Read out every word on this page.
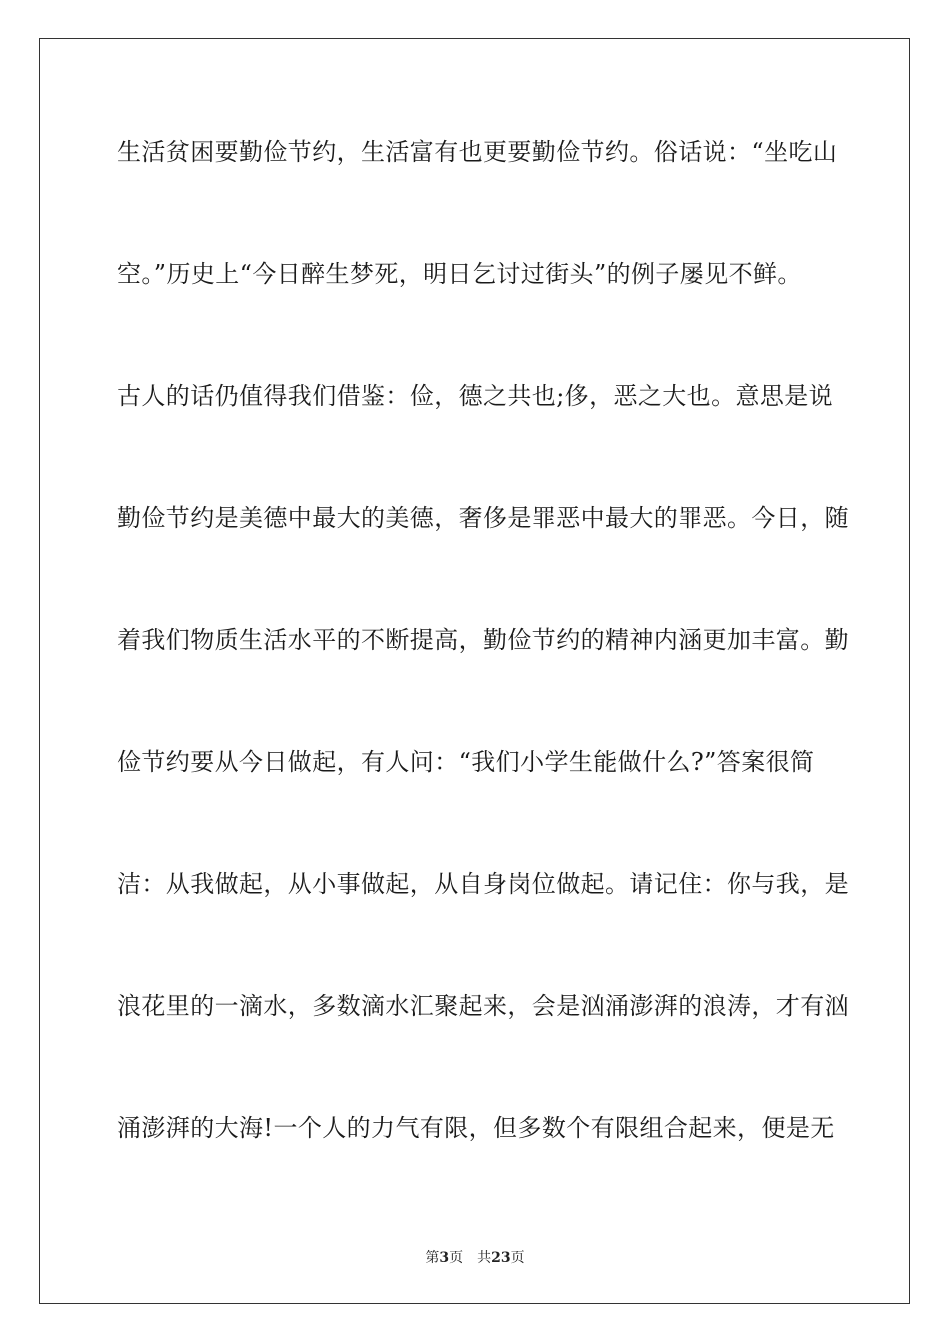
生活贫困要勤俭节约，生活富有也更要勤俭节约。俗话说：“坐吃山
空。”历史上“今日醉生梦死，明日乞讨过街头”的例子屡见不鲜。
古人的话仍值得我们借鉴：俭，德之共也;侈，恶之大也。意思是说
勤俭节约是美德中最大的美德，奢侈是罪恶中最大的罪恶。今日，随
着我们物质生活水平的不断提高，勤俭节约的精神内涵更加丰富。勤
俭节约要从今日做起，有人问：“我们小学生能做什么?”答案很简
洁：从我做起，从小事做起，从自身岗位做起。请记住：你与我，是
浪花里的一滴水，多数滴水汇聚起来，会是汹涌澎湃的浪涛，才有汹
涌澎湃的大海!一个人的力气有限，但多数个有限组合起来，便是无
第3页 共23页
